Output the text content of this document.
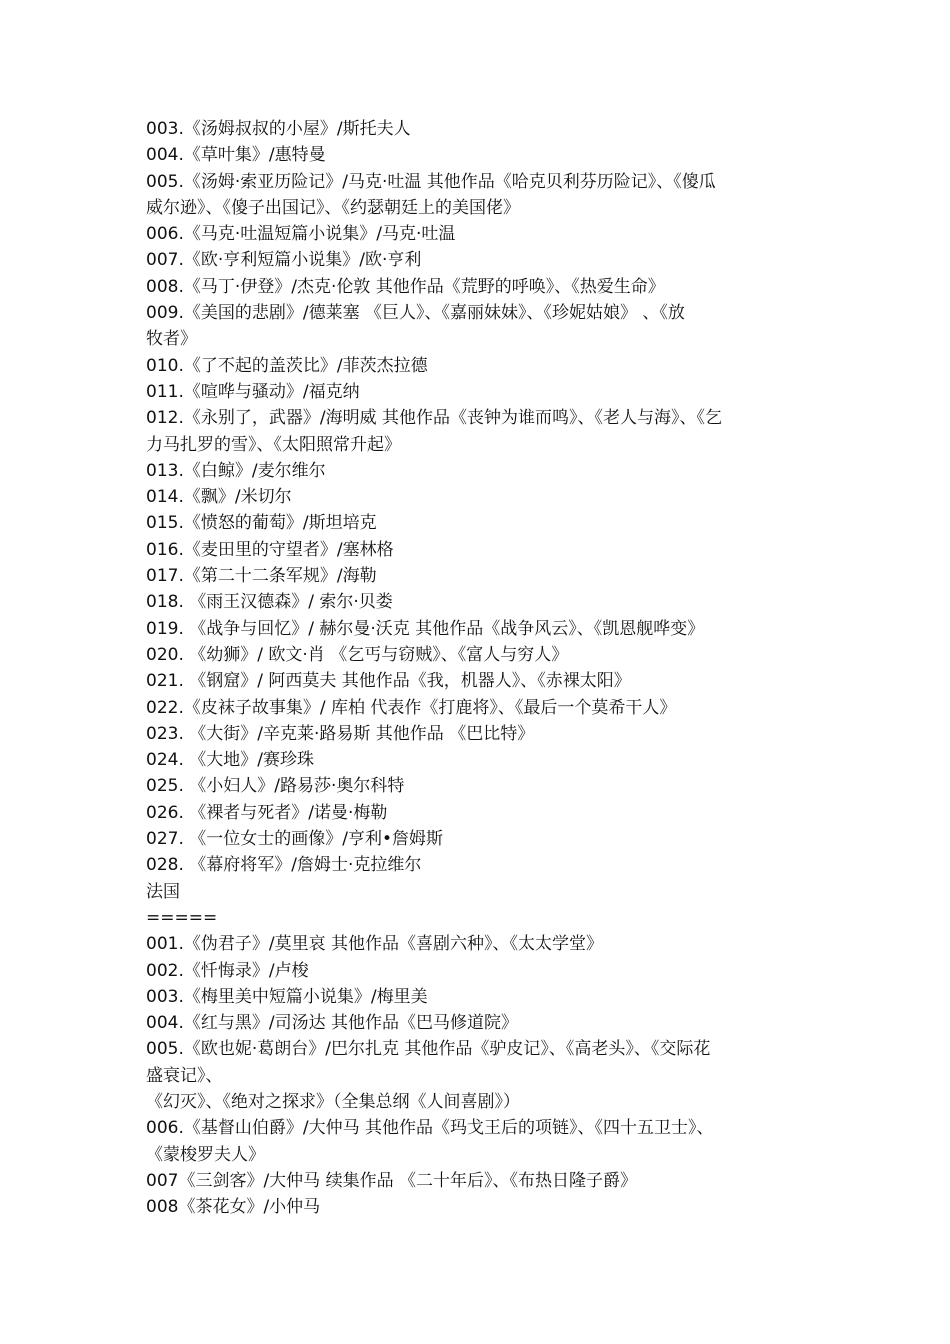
003.《汤姆叔叔的小屋》/斯托夫人
004.《草叶集》/惠特曼
005.《汤姆·索亚历险记》/马克·吐温 其他作品《哈克贝利芬历险记》、《傻瓜
威尔逊》、《傻子出国记》、《约瑟朝廷上的美国佬》
006.《马克·吐温短篇小说集》/马克·吐温
007.《欧·亨利短篇小说集》/欧·亨利
008.《马丁·伊登》/杰克·伦敦 其他作品《荒野的呼唤》、《热爱生命》
009.《美国的悲剧》/德莱塞 《巨人》、《嘉丽妹妹》、《珍妮姑娘》 、《放
牧者》
010.《了不起的盖茨比》/菲茨杰拉德
011.《喧哗与骚动》/福克纳
012.《永别了，武器》/海明威 其他作品《丧钟为谁而鸣》、《老人与海》、《乞
力马扎罗的雪》、《太阳照常升起》
013.《白鲸》/麦尔维尔
014.《飘》/米切尔
015.《愤怒的葡萄》/斯坦培克
016.《麦田里的守望者》/塞林格
017.《第二十二条军规》/海勒
018. 《雨王汉德森》/ 索尔·贝娄
019. 《战争与回忆》/ 赫尔曼·沃克 其他作品《战争风云》、《凯恩舰哗变》
020. 《幼狮》/ 欧文·肖 《乞丐与窃贼》、《富人与穷人》
021. 《钢窟》/ 阿西莫夫 其他作品《我，机器人》、《赤裸太阳》
022.《皮袜子故事集》/ 库柏 代表作《打鹿将》、《最后一个莫希干人》
023. 《大街》/辛克莱·路易斯 其他作品 《巴比特》
024. 《大地》/赛珍珠
025. 《小妇人》/路易莎·奥尔科特
026. 《裸者与死者》/诺曼·梅勒
027. 《一位女士的画像》/亨利•詹姆斯
028. 《幕府将军》/詹姆士·克拉维尔
法国
=====
001.《伪君子》/莫里哀 其他作品《喜剧六种》、《太太学堂》
002.《忏悔录》/卢梭
003.《梅里美中短篇小说集》/梅里美
004.《红与黑》/司汤达 其他作品《巴马修道院》
005.《欧也妮·葛朗台》/巴尔扎克 其他作品《驴皮记》、《高老头》、《交际花
盛衰记》、
《幻灭》、《绝对之探求》（全集总纲《人间喜剧》）
006.《基督山伯爵》/大仲马 其他作品《玛戈王后的项链》、《四十五卫士》、
《蒙梭罗夫人》
007《三剑客》/大仲马 续集作品 《二十年后》、《布热日隆子爵》
008《茶花女》/小仲马
